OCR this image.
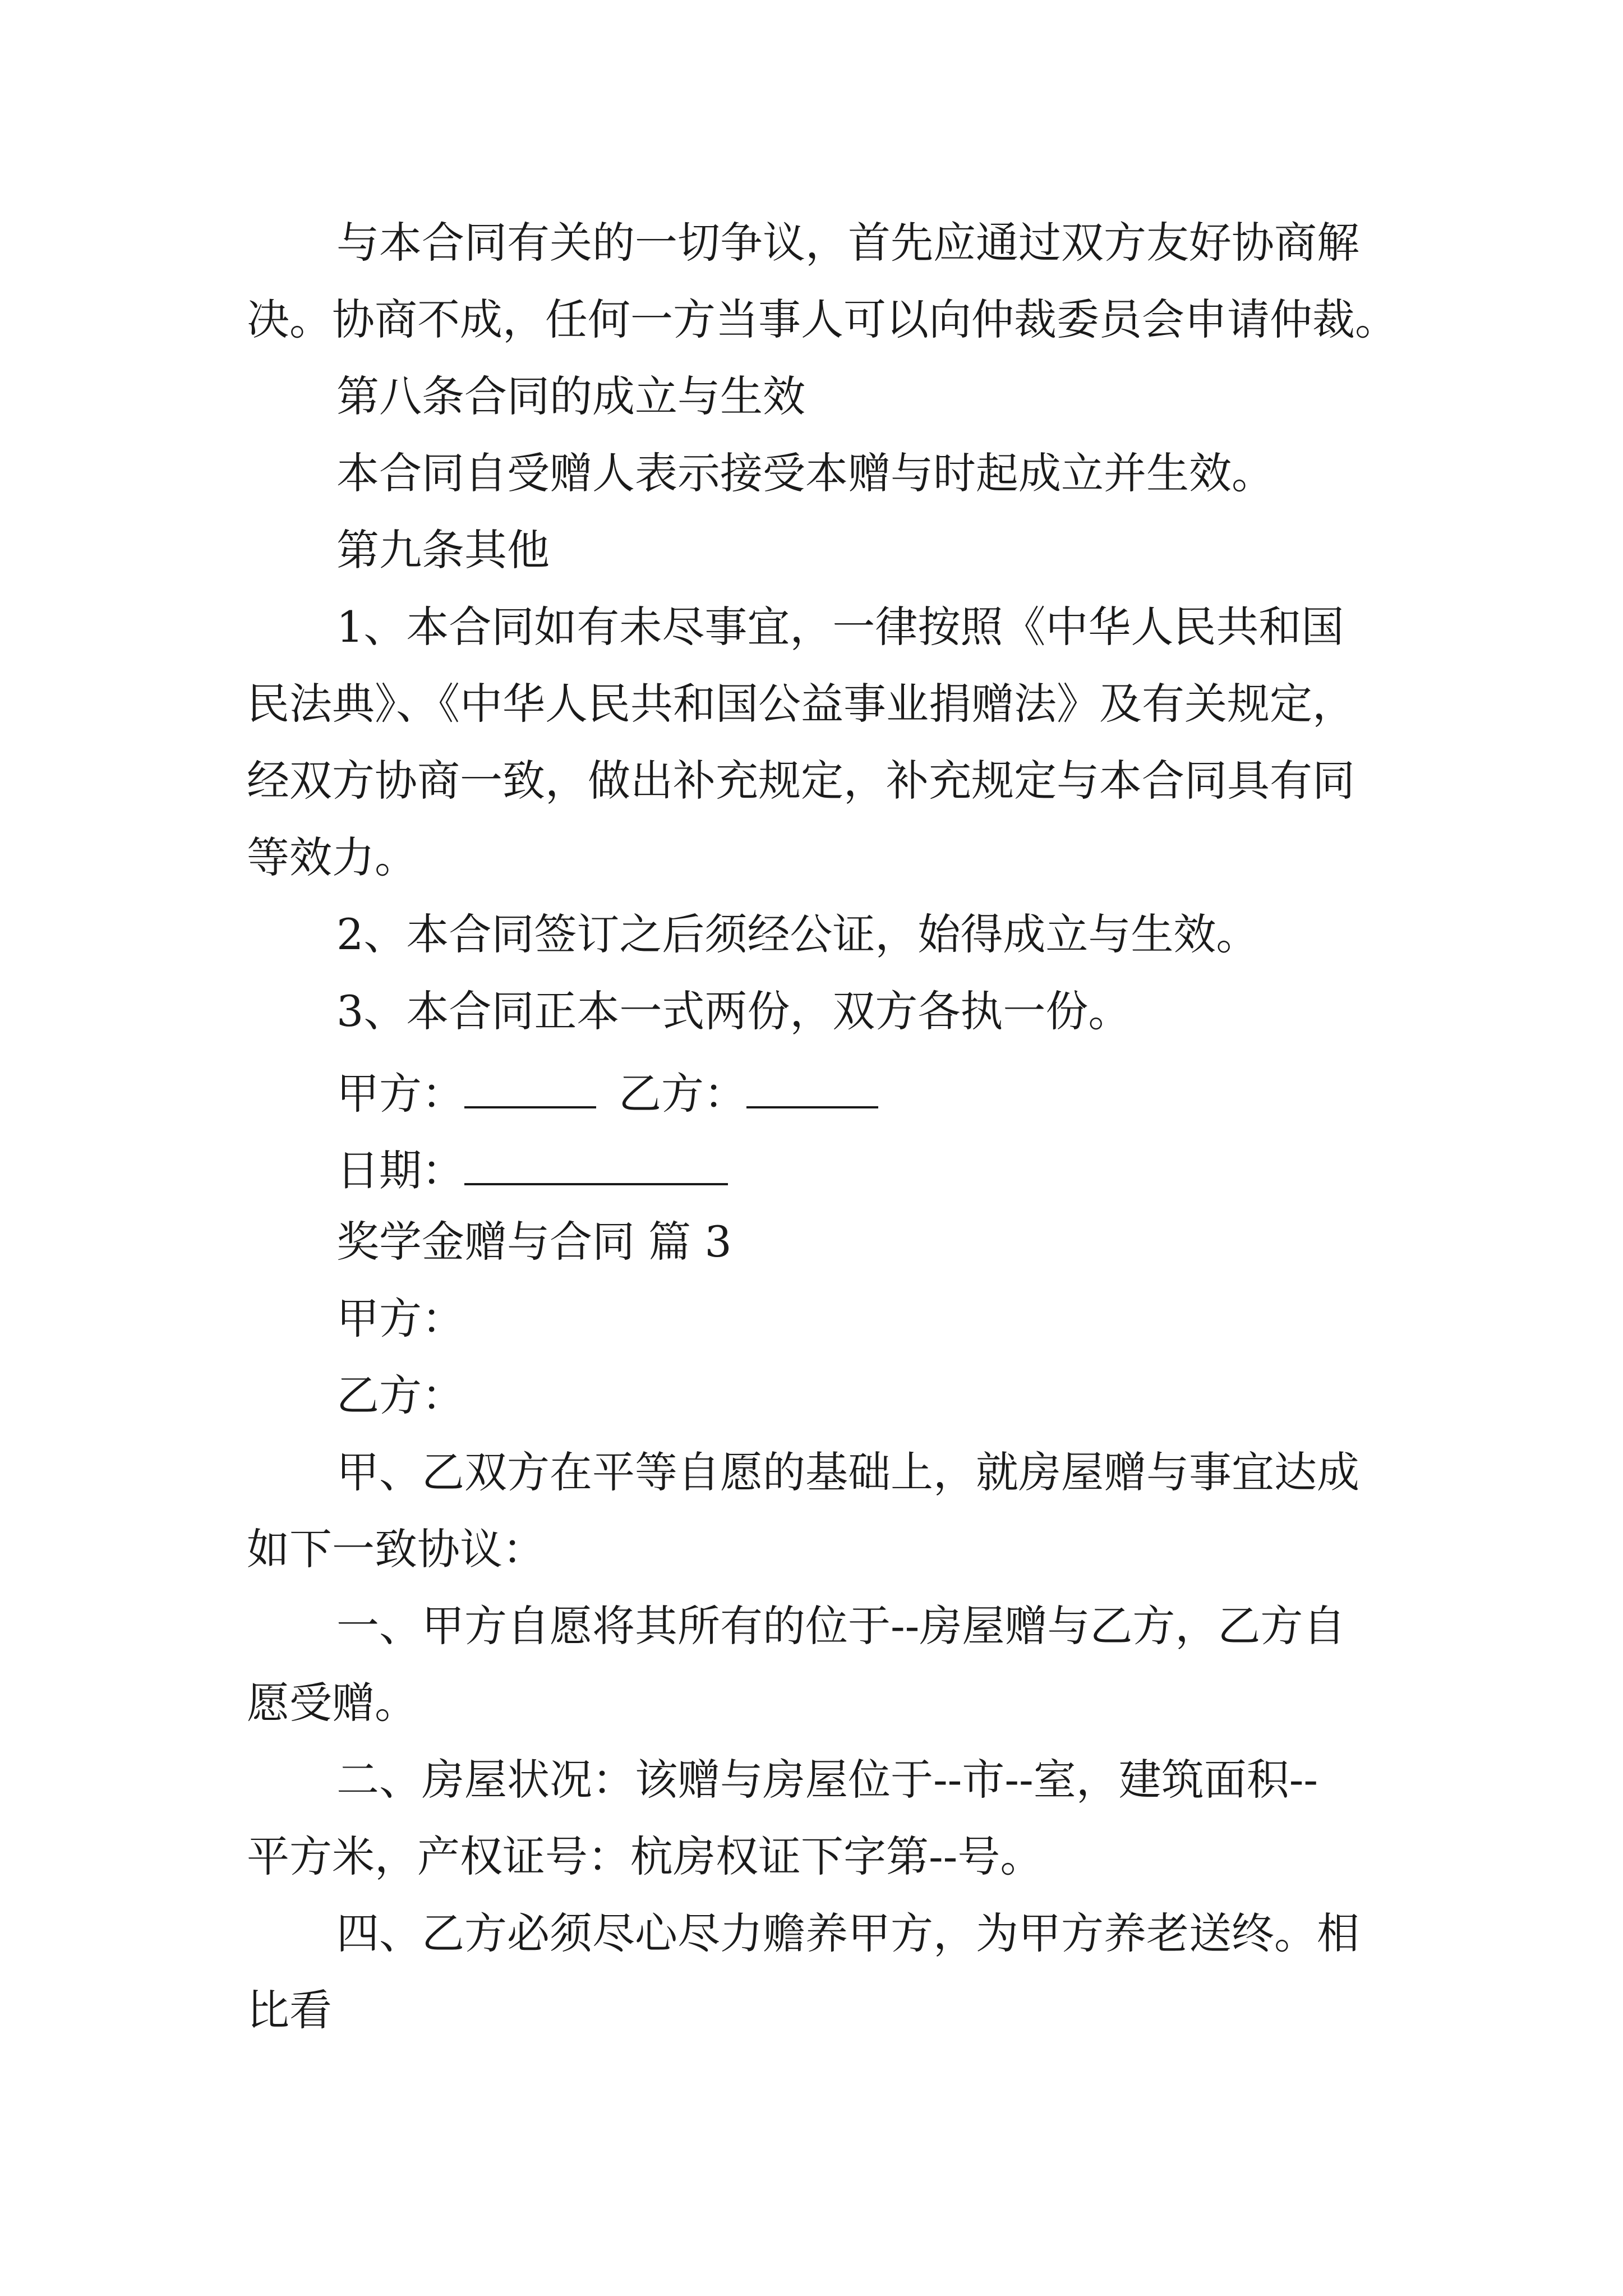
与本合同有关的一切争议，首先应通过双方友好协商解
决。协商不成，任何一方当事人可以向仲裁委员会申请仲裁。
第八条合同的成立与生效
本合同自受赠人表示接受本赠与时起成立并生效。
第九条其他
1、本合同如有未尽事宜，一律按照《中华人民共和国
民法典》、《中华人民共和国公益事业捐赠法》及有关规定，
经双方协商一致，做出补充规定，补充规定与本合同具有同
等效力。
2、本合同签订之后须经公证，始得成立与生效。
3、本合同正本一式两份，双方各执一份。
甲方：	乙方：
日期：
奖学金赠与合同 篇 3
甲方：
乙方：
甲、乙双方在平等自愿的基础上，就房屋赠与事宜达成
如下一致协议：
一、甲方自愿将其所有的位于--房屋赠与乙方，乙方自
愿受赠。
二、房屋状况：该赠与房屋位于--市--室，建筑面积--
平方米，产权证号：杭房权证下字第--号。
四、乙方必须尽心尽力赡养甲方，为甲方养老送终。相
比看
